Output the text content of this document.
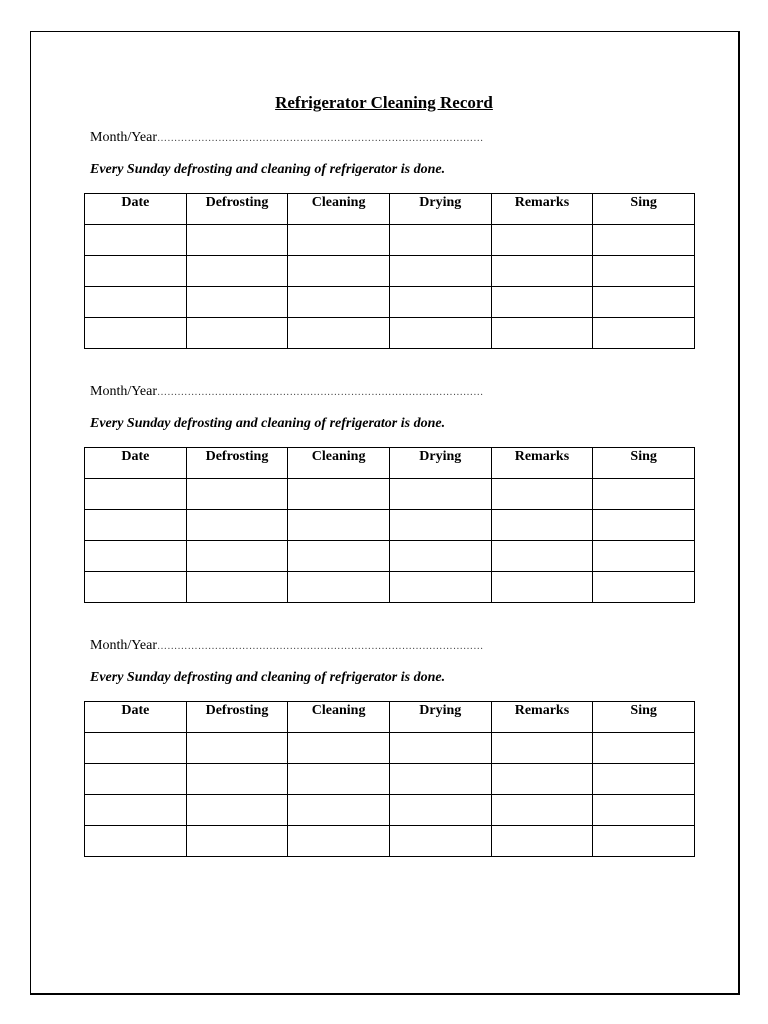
Refrigerator Cleaning Record
Month/Year……………………………………………………………………………………
Every Sunday defrosting and cleaning of refrigerator is done.
Date	Defrosting	Cleaning	Drying	Remarks	Sing

Month/Year……………………………………………………………………………………
Every Sunday defrosting and cleaning of refrigerator is done.
Date	Defrosting	Cleaning	Drying	Remarks	Sing

Month/Year……………………………………………………………………………………
Every Sunday defrosting and cleaning of refrigerator is done.
Date	Defrosting	Cleaning	Drying	Remarks	Sing
